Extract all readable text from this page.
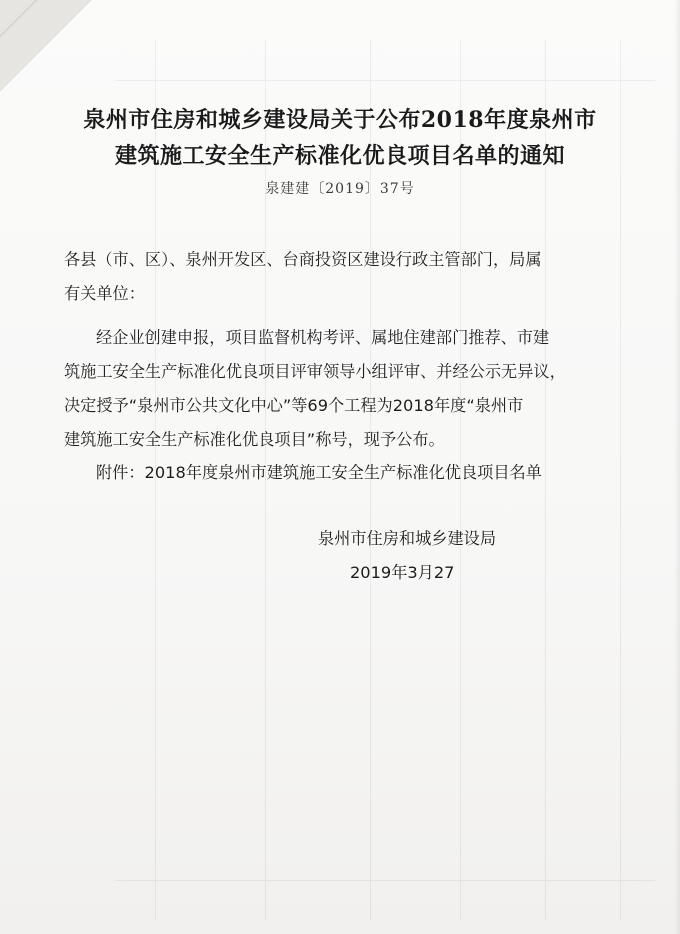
泉州市住房和城乡建设局关于公布2018年度泉州市
建筑施工安全生产标准化优良项目名单的通知
泉建建〔2019〕37号
各县（市、区）、泉州开发区、台商投资区建设行政主管部门，局属
有关单位：
经企业创建申报，项目监督机构考评、属地住建部门推荐、市建
筑施工安全生产标准化优良项目评审领导小组评审、并经公示无异议，
决定授予“泉州市公共文化中心”等69个工程为2018年度“泉州市
建筑施工安全生产标准化优良项目”称号，现予公布。
附件：2018年度泉州市建筑施工安全生产标准化优良项目名单
泉州市住房和城乡建设局
2019年3月27
